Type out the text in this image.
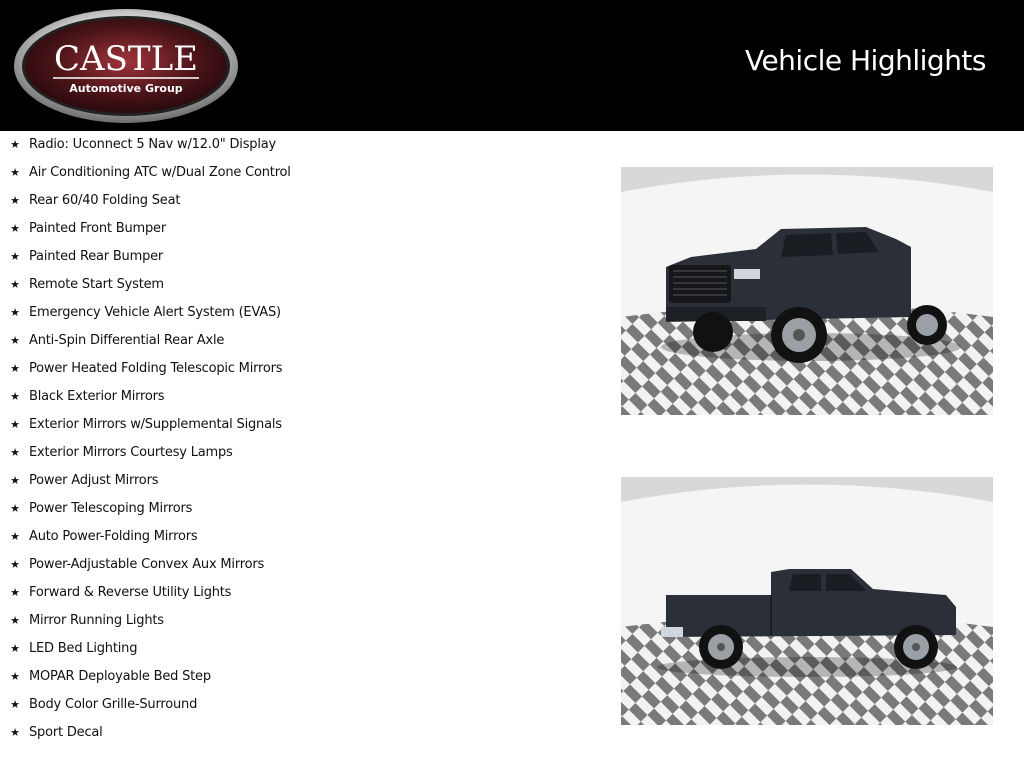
CASTLE
Automotive Group
Vehicle Highlights
★ Radio: Uconnect 5 Nav w/12.0" Display
★ Air Conditioning ATC w/Dual Zone Control
★ Rear 60/40 Folding Seat
★ Painted Front Bumper
★ Painted Rear Bumper
★ Remote Start System
★ Emergency Vehicle Alert System (EVAS)
★ Anti-Spin Differential Rear Axle
★ Power Heated Folding Telescopic Mirrors
★ Black Exterior Mirrors
★ Exterior Mirrors w/Supplemental Signals
★ Exterior Mirrors Courtesy Lamps
★ Power Adjust Mirrors
★ Power Telescoping Mirrors
★ Auto Power-Folding Mirrors
★ Power-Adjustable Convex Aux Mirrors
★ Forward & Reverse Utility Lights
★ Mirror Running Lights
★ LED Bed Lighting
★ MOPAR Deployable Bed Step
★ Body Color Grille-Surround
★ Sport Decal
